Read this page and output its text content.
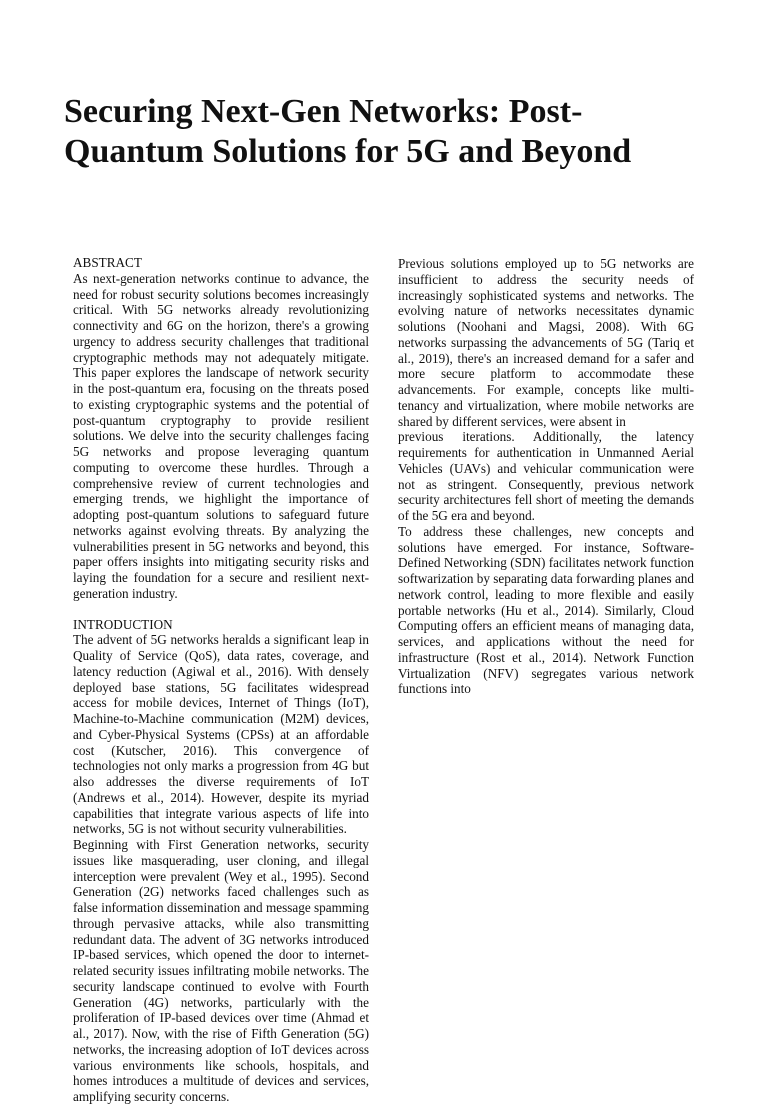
Securing Next-Gen Networks: Post-Quantum Solutions for 5G and Beyond
ABSTRACT

As next-generation networks continue to advance, the need for robust security solutions becomes increasingly critical. With 5G networks already revolutionizing connectivity and 6G on the horizon, there's a growing urgency to address security challenges that traditional cryptographic methods may not adequately mitigate. This paper explores the landscape of network security in the post-quantum era, focusing on the threats posed to existing cryptographic systems and the potential of post-quantum cryptography to provide resilient solutions. We delve into the security challenges facing 5G networks and propose leveraging quantum computing to overcome these hurdles. Through a comprehensive review of current technologies and emerging trends, we highlight the importance of adopting post-quantum solutions to safeguard future networks against evolving threats. By analyzing the vulnerabilities present in 5G networks and beyond, this paper offers insights into mitigating security risks and laying the foundation for a secure and resilient next-generation industry.

INTRODUCTION

The advent of 5G networks heralds a significant leap in Quality of Service (QoS), data rates, coverage, and latency reduction (Agiwal et al., 2016). With densely deployed base stations, 5G facilitates widespread access for mobile devices, Internet of Things (IoT), Machine-to-Machine communication (M2M) devices, and Cyber-Physical Systems (CPSs) at an affordable cost (Kutscher, 2016). This convergence of technologies not only marks a progression from 4G but also addresses the diverse requirements of IoT (Andrews et al., 2014). However, despite its myriad capabilities that integrate various aspects of life into networks, 5G is not without security vulnerabilities.

Beginning with First Generation networks, security issues like masquerading, user cloning, and illegal interception were prevalent (Wey et al., 1995). Second Generation (2G) networks faced challenges such as false information dissemination and message spamming through pervasive attacks, while also transmitting redundant data. The advent of 3G networks introduced IP-based services, which opened the door to internet-related security issues infiltrating mobile networks. The security landscape continued to evolve with Fourth Generation (4G) networks, particularly with the proliferation of IP-based devices over time (Ahmad et al., 2017). Now, with the rise of Fifth Generation (5G) networks, the increasing adoption of IoT devices across various environments like schools, hospitals, and homes introduces a multitude of devices and services, amplifying security concerns.

Previous solutions employed up to 5G networks are insufficient to address the security needs of increasingly sophisticated systems and networks. The evolving nature of networks necessitates dynamic solutions (Noohani and Magsi, 2008). With 6G networks surpassing the advancements of 5G (Tariq et al., 2019), there's an increased demand for a safer and more secure platform to accommodate these advancements. For example, concepts like multi-tenancy and virtualization, where mobile networks are shared by different services, were absent in

previous iterations. Additionally, the latency requirements for authentication in Unmanned Aerial Vehicles (UAVs) and vehicular communication were not as stringent. Consequently, previous network security architectures fell short of meeting the demands of the 5G era and beyond.

To address these challenges, new concepts and solutions have emerged. For instance, Software-Defined Networking (SDN) facilitates network function softwarization by separating data forwarding planes and network control, leading to more flexible and easily portable networks (Hu et al., 2014). Similarly, Cloud Computing offers an efficient means of managing data, services, and applications without the need for infrastructure (Rost et al., 2014). Network Function Virtualization (NFV) segregates various network functions into
